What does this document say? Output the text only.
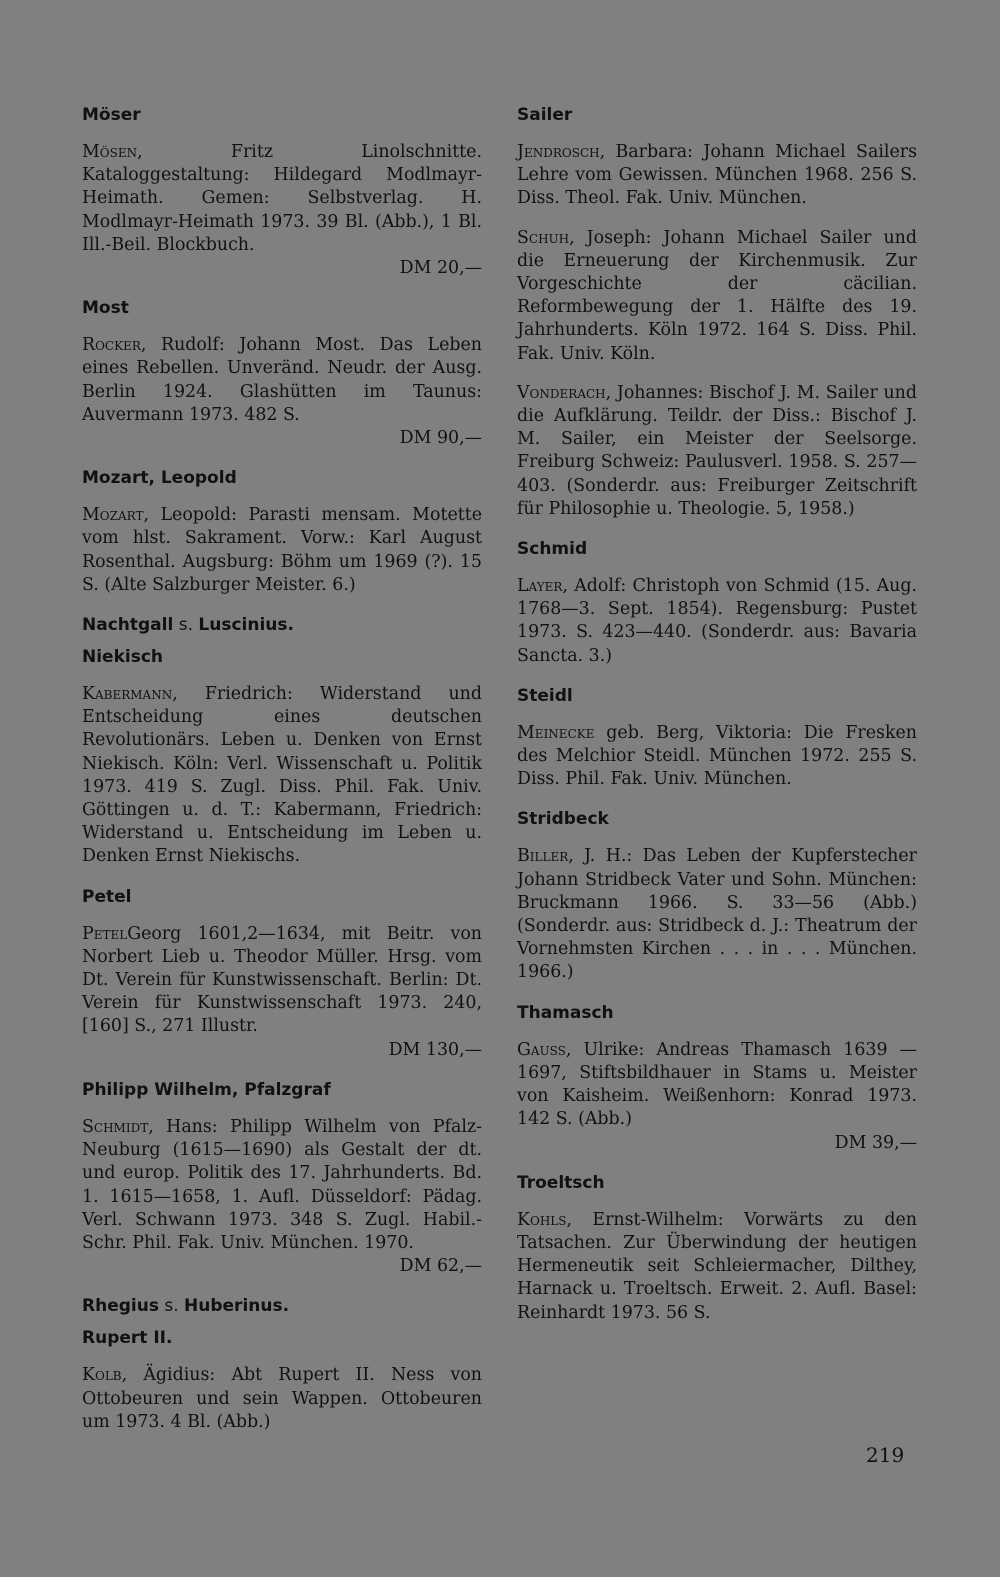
Möser

Mösen, Fritz Linolschnitte. Kataloggestaltung: Hildegard Modlmayr-Heimath. Gemen: Selbstverlag. H. Modlmayr-Heimath 1973. 39 Bl. (Abb.), 1 Bl. Ill.-Beil. Blockbuch.
DM 20,—

Most

Rocker, Rudolf: Johann Most. Das Leben eines Rebellen. Unveränd. Neudr. der Ausg. Berlin 1924. Glashütten im Taunus: Auvermann 1973. 482 S.
DM 90,—

Mozart, Leopold

Mozart, Leopold: Parasti mensam. Motette vom hlst. Sakrament. Vorw.: Karl August Rosenthal. Augsburg: Böhm um 1969 (?). 15 S. (Alte Salzburger Meister. 6.)

Nachtgall s. Luscinius.
Niekisch

Kabermann, Friedrich: Widerstand und Entscheidung eines deutschen Revolutionärs. Leben u. Denken von Ernst Niekisch. Köln: Verl. Wissenschaft u. Politik 1973. 419 S. Zugl. Diss. Phil. Fak. Univ. Göttingen u. d. T.: Kabermann, Friedrich: Widerstand u. Entscheidung im Leben u. Denken Ernst Niekischs.

Petel

PetelGeorg 1601,2—1634, mit Beitr. von Norbert Lieb u. Theodor Müller. Hrsg. vom Dt. Verein für Kunstwissenschaft. Berlin: Dt. Verein für Kunstwissenschaft 1973. 240, [160] S., 271 Illustr.
DM 130,—

Philipp Wilhelm, Pfalzgraf

Schmidt, Hans: Philipp Wilhelm von Pfalz-Neuburg (1615—1690) als Gestalt der dt. und europ. Politik des 17. Jahrhunderts. Bd. 1. 1615—1658, 1. Aufl. Düsseldorf: Pädag. Verl. Schwann 1973. 348 S. Zugl. Habil.-Schr. Phil. Fak. Univ. München. 1970.
DM 62,—

Rhegius s. Huberinus.
Rupert II.

Kolb, Ägidius: Abt Rupert II. Ness von Ottobeuren und sein Wappen. Ottobeuren um 1973. 4 Bl. (Abb.)

Sailer

Jendrosch, Barbara: Johann Michael Sailers Lehre vom Gewissen. München 1968. 256 S. Diss. Theol. Fak. Univ. München.

Schuh, Joseph: Johann Michael Sailer und die Erneuerung der Kirchenmusik. Zur Vorgeschichte der cäcilian. Reformbewegung der 1. Hälfte des 19. Jahrhunderts. Köln 1972. 164 S. Diss. Phil. Fak. Univ. Köln.

Vonderach, Johannes: Bischof J. M. Sailer und die Aufklärung. Teildr. der Diss.: Bischof J. M. Sailer, ein Meister der Seelsorge. Freiburg Schweiz: Paulusverl. 1958. S. 257—403. (Sonderdr. aus: Freiburger Zeitschrift für Philosophie u. Theologie. 5, 1958.)

Schmid

Layer, Adolf: Christoph von Schmid (15. Aug. 1768—3. Sept. 1854). Regensburg: Pustet 1973. S. 423—440. (Sonderdr. aus: Bavaria Sancta. 3.)

Steidl

Meinecke geb. Berg, Viktoria: Die Fresken des Melchior Steidl. München 1972. 255 S. Diss. Phil. Fak. Univ. München.

Stridbeck

Biller, J. H.: Das Leben der Kupferstecher Johann Stridbeck Vater und Sohn. München: Bruckmann 1966. S. 33—56 (Abb.) (Sonderdr. aus: Stridbeck d. J.: Theatrum der Vornehmsten Kirchen . . . in . . . München. 1966.)

Thamasch

Gauss, Ulrike: Andreas Thamasch 1639 —1697, Stiftsbildhauer in Stams u. Meister von Kaisheim. Weißenhorn: Konrad 1973. 142 S. (Abb.)
DM 39,—

Troeltsch

Kohls, Ernst-Wilhelm: Vorwärts zu den Tatsachen. Zur Überwindung der heutigen Hermeneutik seit Schleiermacher, Dilthey, Harnack u. Troeltsch. Erweit. 2. Aufl. Basel: Reinhardt 1973. 56 S.

219
